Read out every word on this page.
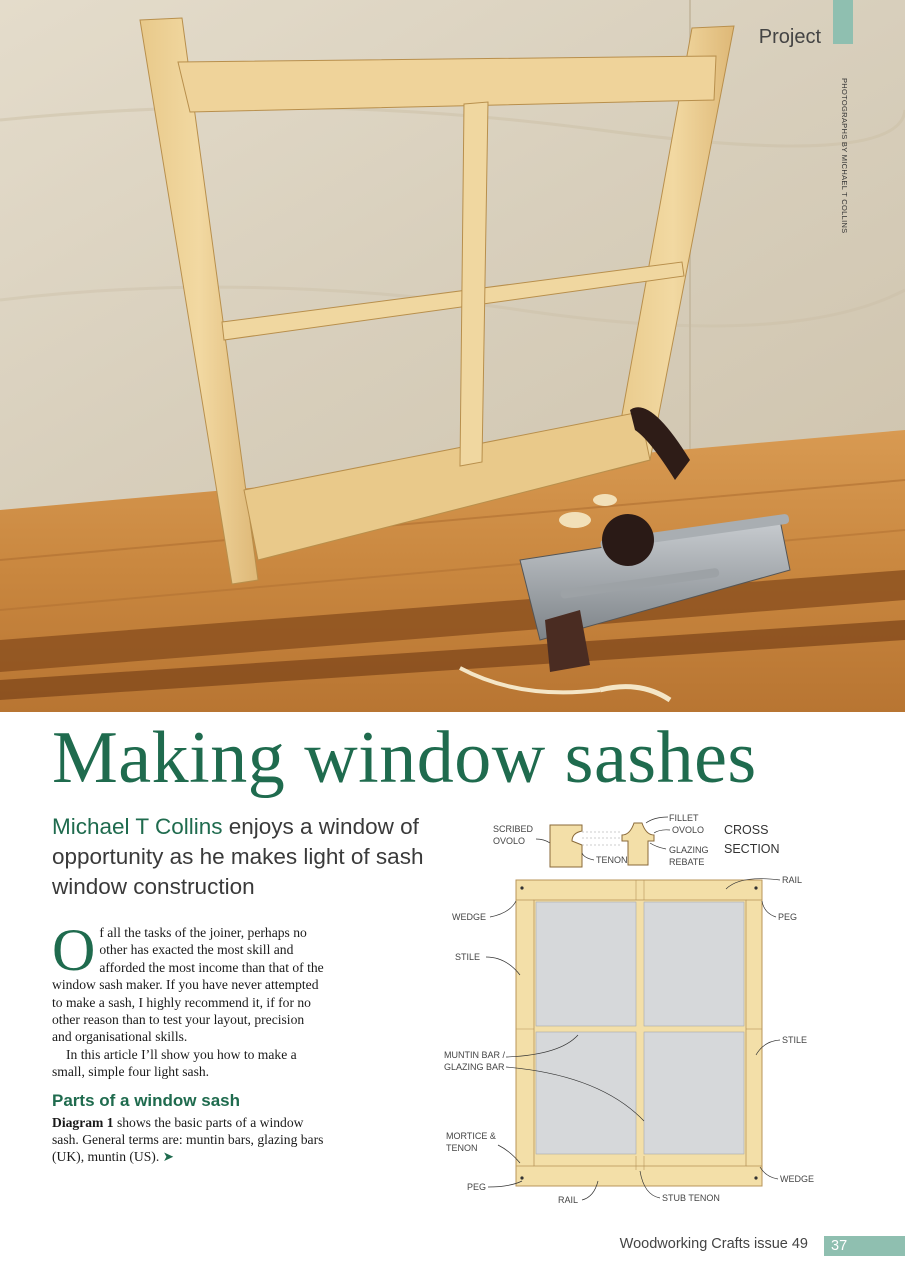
Project
PHOTOGRAPHS BY MICHAEL T COLLINS
Making window sashes
Michael T Collins enjoys a window of opportunity as he makes light of sash window construction

Of all the tasks of the joiner, perhaps no other has exacted the most skill and afforded the most income than that of the window sash maker. If you have never attempted to make a sash, I highly recommend it, if for no other reason than to test your layout, precision and organisational skills.

In this article I’ll show you how to make a small, simple four light sash.

Parts of a window sash

Diagram 1 shows the basic parts of a window sash. General terms are: muntin bars, glazing bars (UK), muntin (US). ➤

SCRIBED
OVOLO
TENON
FILLET
OVOLO
GLAZING
REBATE
CROSS
SECTION
RAIL
WEDGE	PEG
STILE
STILE
MUNTIN BAR /
GLAZING BAR
MORTICE &
TENON
PEG
RAIL	STUB TENON
WEDGE
Woodworking Crafts issue 49 37
